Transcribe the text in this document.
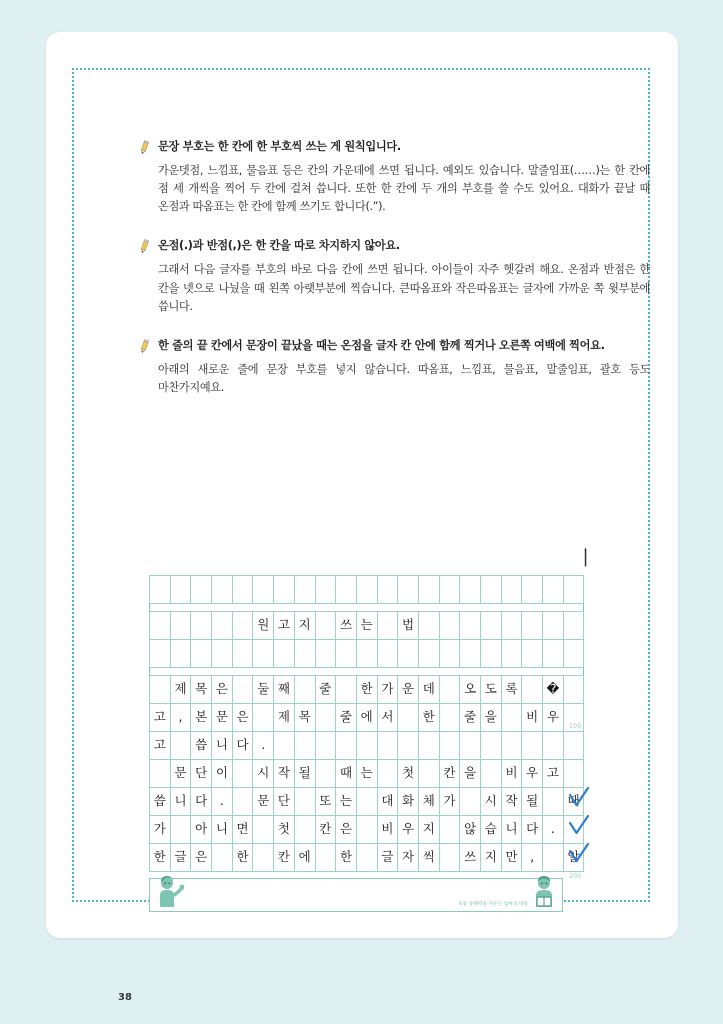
문장 부호는 한 칸에 한 부호씩 쓰는 게 원칙입니다.
가운뎃점, 느낌표, 물음표 등은 칸의 가운데에 쓰면 됩니다. 예외도 있습니다. 말줄임표(……)는 한 칸에 점 세 개씩을 찍어 두 칸에 걸쳐 씁니다. 또한 한 칸에 두 개의 부호를 쓸 수도 있어요. 대화가 끝날 때 온점과 따옴표는 한 칸에 함께 쓰기도 합니다(.”).
온점(.)과 반점(,)은 한 칸을 따로 차지하지 않아요.
그래서 다음 글자를 부호의 바로 다음 칸에 쓰면 됩니다. 아이들이 자주 헷갈려 해요. 온점과 반점은 한 칸을 넷으로 나눴을 때 왼쪽 아랫부분에 찍습니다. 큰따옴표와 작은따옴표는 글자에 가까운 쪽 윗부분에 씁니다.
한 줄의 끝 칸에서 문장이 끝났을 때는 온점을 글자 칸 안에 함께 찍거나 오른쪽 여백에 찍어요.
아래의 새로운 줄에 문장 부호를 넣지 않습니다. 따옴표, 느낌표, 물음표, 말줄임표, 괄호 등도 마찬가지예요.
❘

					원	고	지		쓰	는		법								

	제	목	은		둘	째		줄		한	가	운	데		오	도	록		�	
고	,	본	문	은		제	목		줄	에	서		한		줄	을		비	우	
고		씁	니	다	.															
	문	단	이		시	작	될		때	는		첫		칸	을		비	우	고	
씁	니	다	.		문	단		또	는		대	화	체	가		시	작	될		때
가		아	니	면		첫		칸	은		비	우	지		않	습	니	다	.	
한	글	은		한		칸	에		한		글	자	씩		쓰	지	만	,		알
100
200
초등 문해력을 키우는 엄마의 비밀
38
